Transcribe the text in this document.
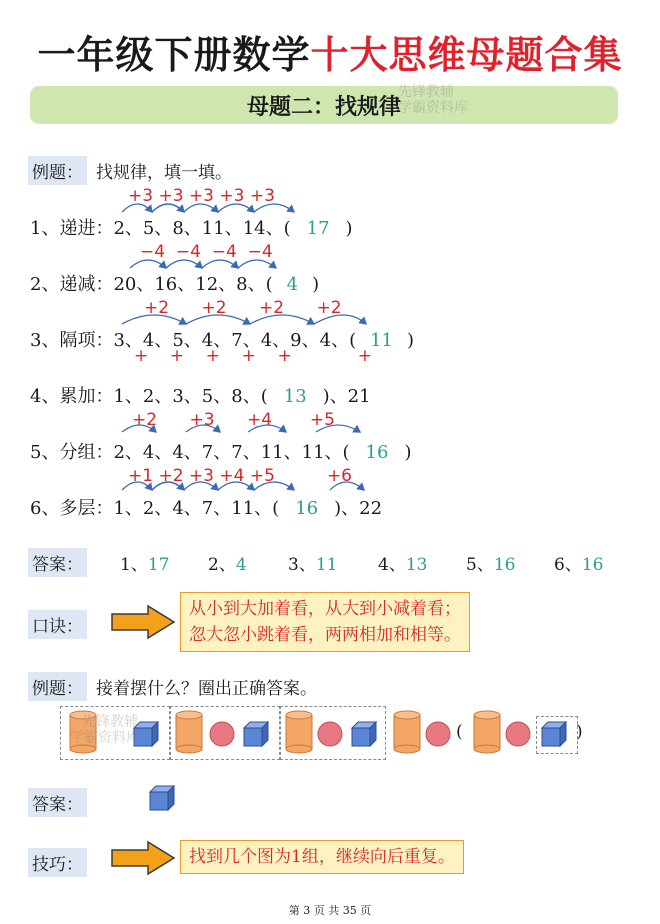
一年级下册数学十大思维母题合集
母题二：找规律
先锋教辅
学霸资料库
例题： 找规律，填一填。
1、递进：2、5、8、11、14、( 17 )
2、递减：20、16、12、8、( 4 )
3、隔项：3、4、5、4、7、4、9、4、( 11 )
4、累加：1、2、3、5、8、( 13 )、21
5、分组：2、4、4、7、7、11、11、( 16 )
6、多层：1、2、4、7、11、( 16 )、22
+3 +3 +3 +3 +3
−4 −4 −4 −4
+2 +2 +2 +2
+ + + + +	+
+2 +3 +4 +5
+1 +2 +3 +4 +5	+6
答案： 1、17 2、4 3、11 4、13 5、16 6、16
口诀：
从小到大加着看，从大到小减着看；
忽大忽小跳着看，两两相加和相等。
例题： 接着摆什么？圈出正确答案。
(	)
先锋教辅
学霸资料库
答案：
技巧：	找到几个图为1组，继续向后重复。
第 3 页 共 35 页
